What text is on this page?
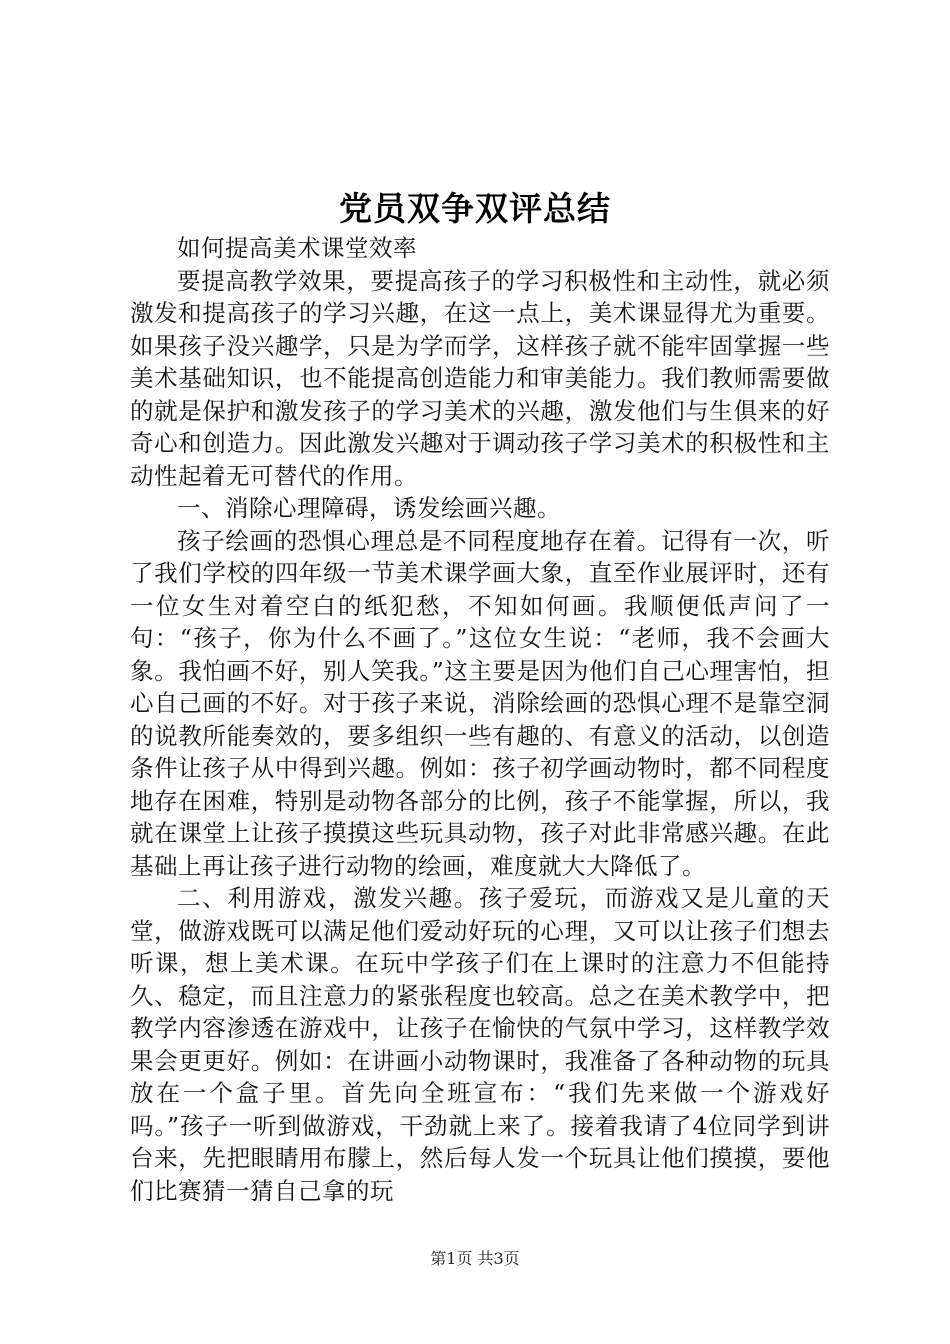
党员双争双评总结

如何提高美术课堂效率

要提高教学效果，要提高孩子的学习积极性和主动性，就必须激发和提高孩子的学习兴趣，在这一点上，美术课显得尤为重要。如果孩子没兴趣学，只是为学而学，这样孩子就不能牢固掌握一些美术基础知识，也不能提高创造能力和审美能力。我们教师需要做的就是保护和激发孩子的学习美术的兴趣，激发他们与生俱来的好奇心和创造力。因此激发兴趣对于调动孩子学习美术的积极性和主动性起着无可替代的作用。

一、消除心理障碍，诱发绘画兴趣。

孩子绘画的恐惧心理总是不同程度地存在着。记得有一次，听了我们学校的四年级一节美术课学画大象，直至作业展评时，还有一位女生对着空白的纸犯愁，不知如何画。我顺便低声问了一句：“孩子，你为什么不画了。”这位女生说：“老师，我不会画大象。我怕画不好，别人笑我。”这主要是因为他们自己心理害怕，担心自己画的不好。对于孩子来说，消除绘画的恐惧心理不是靠空洞的说教所能奏效的，要多组织一些有趣的、有意义的活动，以创造条件让孩子从中得到兴趣。例如：孩子初学画动物时，都不同程度地存在困难，特别是动物各部分的比例，孩子不能掌握，所以，我就在课堂上让孩子摸摸这些玩具动物，孩子对此非常感兴趣。在此基础上再让孩子进行动物的绘画，难度就大大降低了。

二、利用游戏，激发兴趣。孩子爱玩，而游戏又是儿童的天堂，做游戏既可以满足他们爱动好玩的心理，又可以让孩子们想去听课，想上美术课。在玩中学孩子们在上课时的注意力不但能持久、稳定，而且注意力的紧张程度也较高。总之在美术教学中，把教学内容渗透在游戏中，让孩子在愉快的气氛中学习，这样教学效果会更更好。例如：在讲画小动物课时，我准备了各种动物的玩具放在一个盒子里。首先向全班宣布：“我们先来做一个游戏好吗。”孩子一听到做游戏，干劲就上来了。接着我请了4位同学到讲台来，先把眼睛用布朦上，然后每人发一个玩具让他们摸摸，要他们比赛猜一猜自己拿的玩

第1页 共3页
